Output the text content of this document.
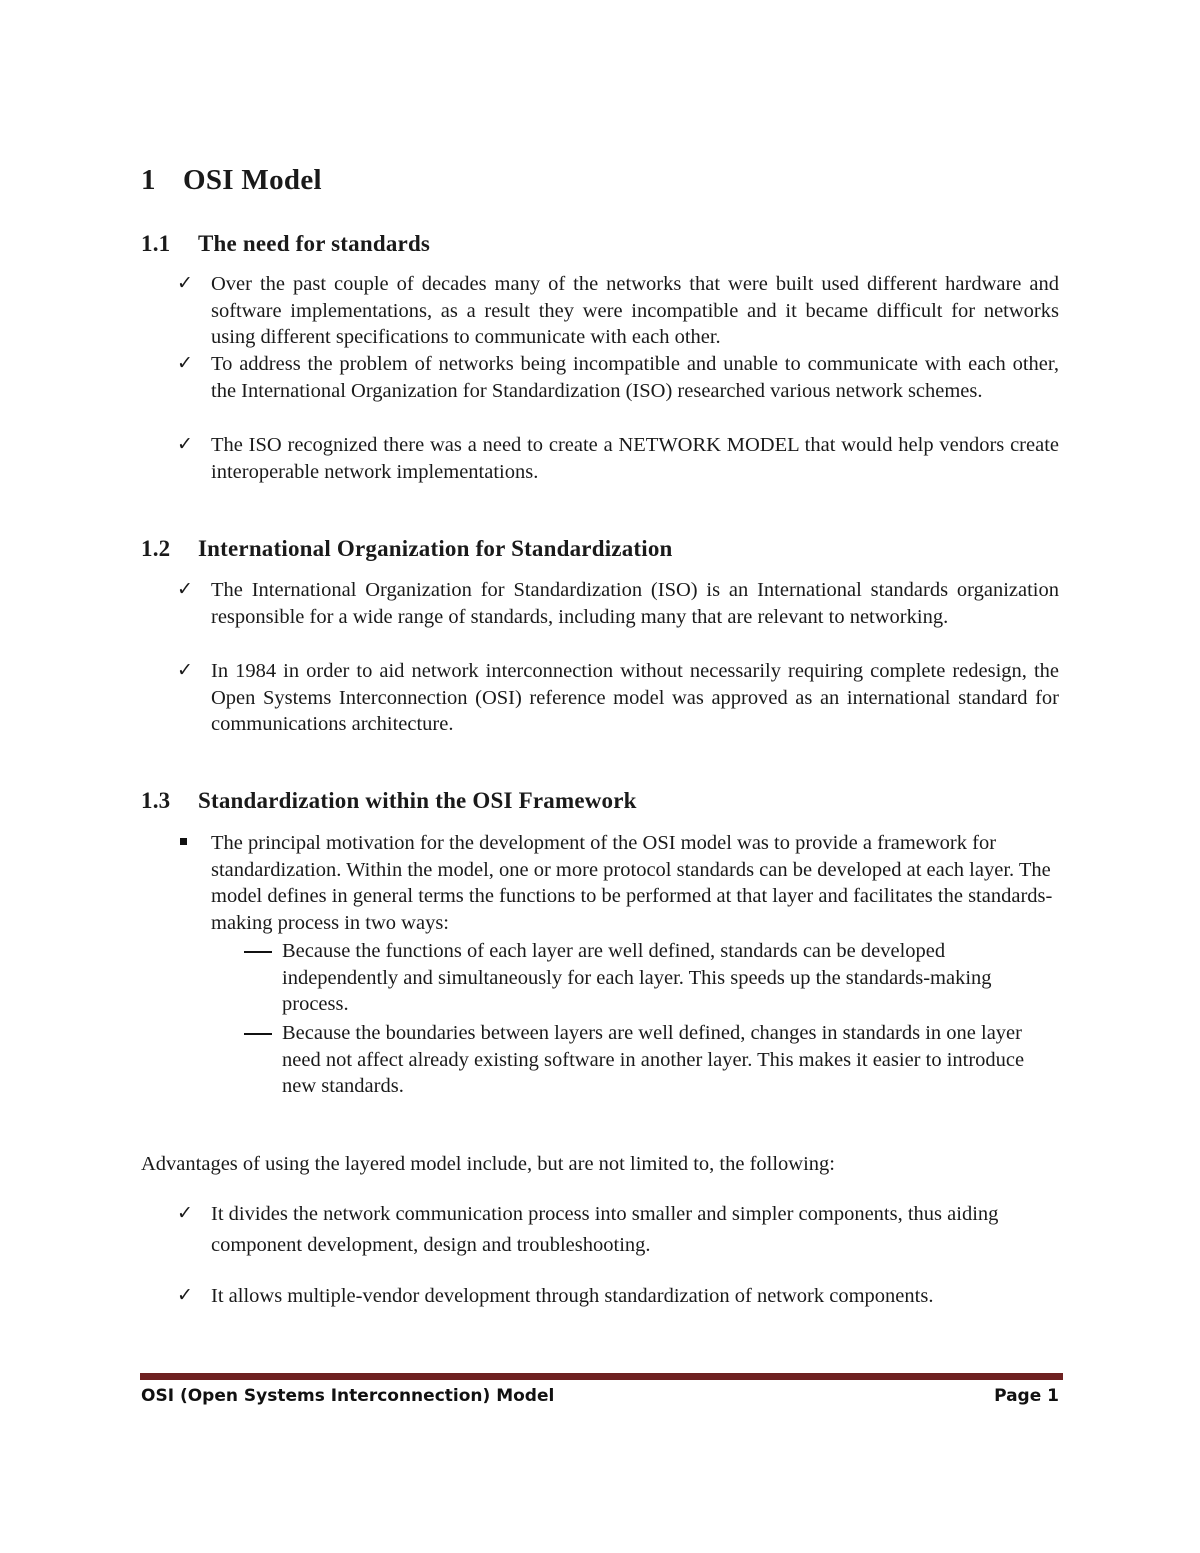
1 OSI Model
1.1 The need for standards
✓ Over the past couple of decades many of the networks that were built used different hardware and software implementations, as a result they were incompatible and it became difficult for networks using different specifications to communicate with each other.
✓ To address the problem of networks being incompatible and unable to communicate with each other, the International Organization for Standardization (ISO) researched various network schemes.
✓ The ISO recognized there was a need to create a NETWORK MODEL that would help vendors create interoperable network implementations.
1.2 International Organization for Standardization
✓ The International Organization for Standardization (ISO) is an International standards organization responsible for a wide range of standards, including many that are relevant to networking.
✓ In 1984 in order to aid network interconnection without necessarily requiring complete redesign, the Open Systems Interconnection (OSI) reference model was approved as an international standard for communications architecture.
1.3 Standardization within the OSI Framework
The principal motivation for the development of the OSI model was to provide a framework for standardization. Within the model, one or more protocol standards can be developed at each layer. The model defines in general terms the functions to be performed at that layer and facilitates the standards-making process in two ways:
Because the functions of each layer are well defined, standards can be developed independently and simultaneously for each layer. This speeds up the standards-making process.
Because the boundaries between layers are well defined, changes in standards in one layer need not affect already existing software in another layer. This makes it easier to introduce new standards.
Advantages of using the layered model include, but are not limited to, the following:
✓ It divides the network communication process into smaller and simpler components, thus aiding component development, design and troubleshooting.
✓ It allows multiple-vendor development through standardization of network components.
OSI (Open Systems Interconnection) Model	Page 1
